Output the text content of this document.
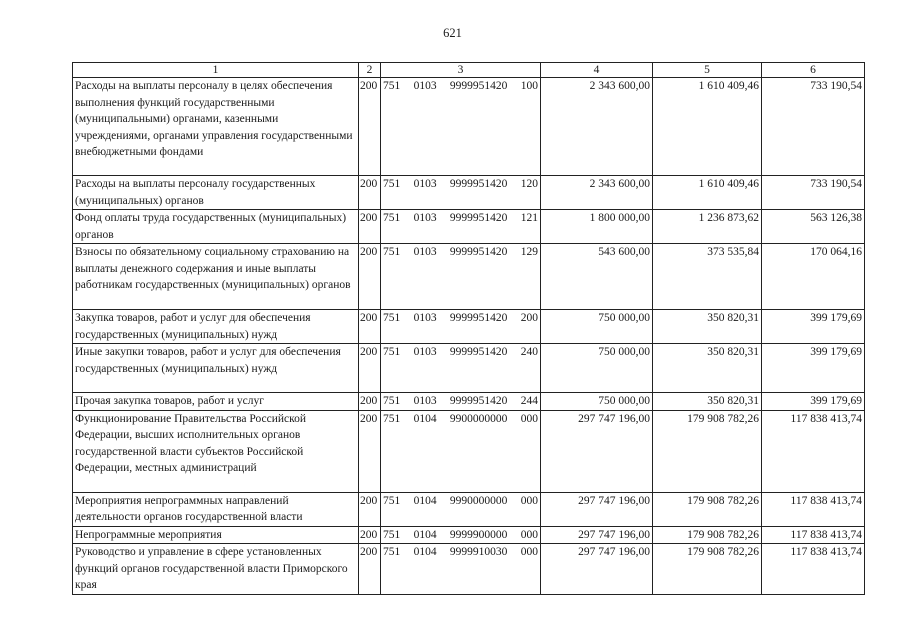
621
1	2	3	4	5	6
Расходы на выплаты персоналу в целях обеспечения выполнения функций государственными (муниципальными) органами, казенными учреждениями, органами управления государственными внебюджетными фондами	200	751 0103 9999951420 100	2 343 600,00	1 610 409,46	733 190,54
Расходы на выплаты персоналу государственных (муниципальных) органов	200	751 0103 9999951420 120	2 343 600,00	1 610 409,46	733 190,54
Фонд оплаты труда государственных (муниципальных) органов	200	751 0103 9999951420 121	1 800 000,00	1 236 873,62	563 126,38
Взносы по обязательному социальному страхованию на выплаты денежного содержания и иные выплаты работникам государственных (муниципальных) органов	200	751 0103 9999951420 129	543 600,00	373 535,84	170 064,16
Закупка товаров, работ и услуг для обеспечения государственных (муниципальных) нужд	200	751 0103 9999951420 200	750 000,00	350 820,31	399 179,69
Иные закупки товаров, работ и услуг для обеспечения государственных (муниципальных) нужд	200	751 0103 9999951420 240	750 000,00	350 820,31	399 179,69
Прочая закупка товаров, работ и услуг	200	751 0103 9999951420 244	750 000,00	350 820,31	399 179,69
Функционирование Правительства Российской Федерации, высших исполнительных органов государственной власти субъектов Российской Федерации, местных администраций	200	751 0104 9900000000 000	297 747 196,00	179 908 782,26	117 838 413,74
Мероприятия непрограммных направлений деятельности органов государственной власти	200	751 0104 9990000000 000	297 747 196,00	179 908 782,26	117 838 413,74
Непрограммные мероприятия	200	751 0104 9999900000 000	297 747 196,00	179 908 782,26	117 838 413,74
Руководство и управление в сфере установленных функций органов государственной власти Приморского края	200	751 0104 9999910030 000	297 747 196,00	179 908 782,26	117 838 413,74
